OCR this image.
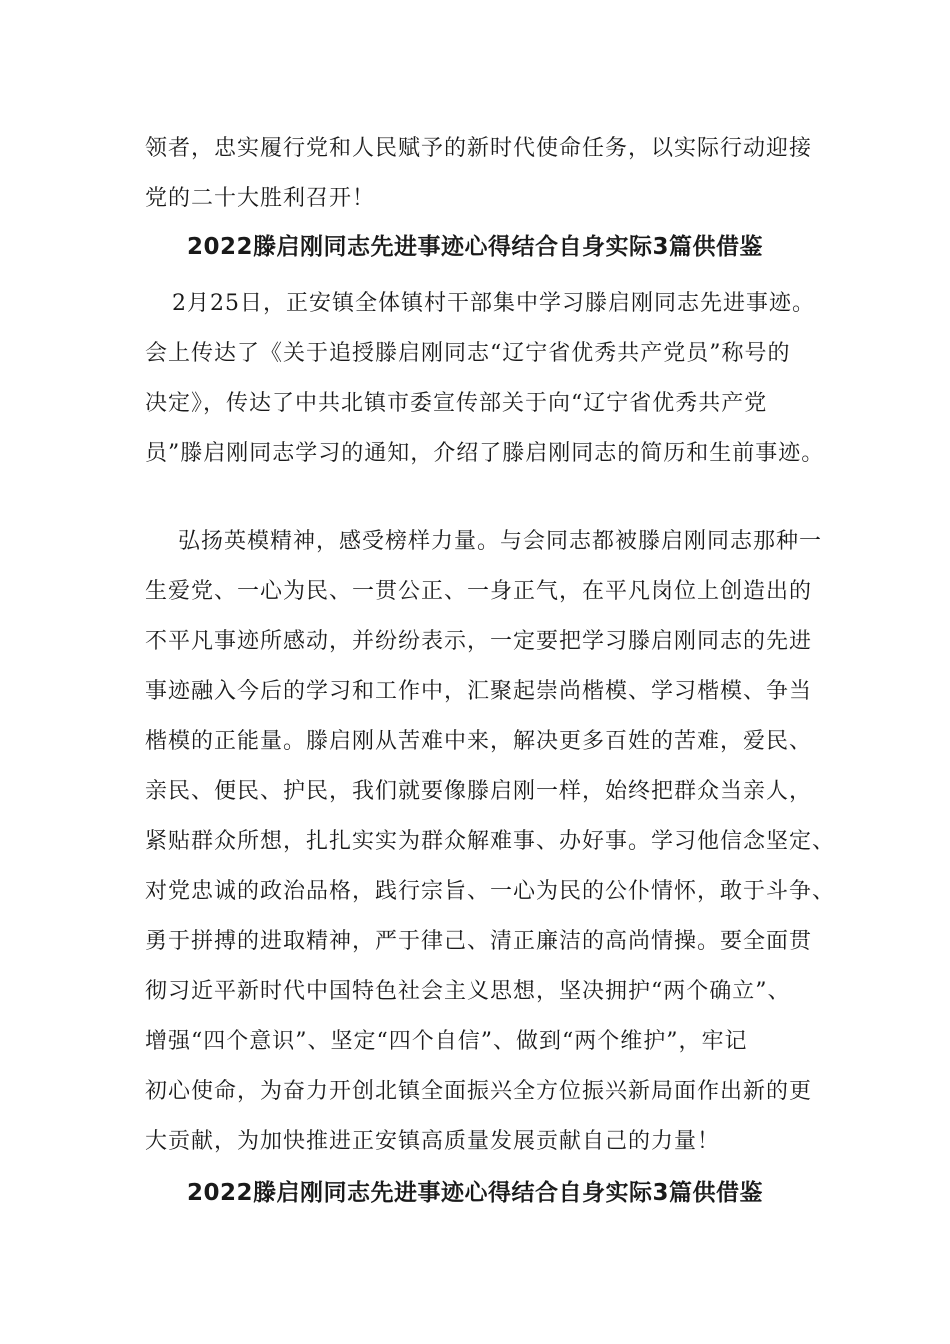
领者，忠实履行党和人民赋予的新时代使命任务，以实际行动迎接
党的二十大胜利召开！
2022滕启刚同志先进事迹心得结合自身实际3篇供借鉴
2月25日，正安镇全体镇村干部集中学习滕启刚同志先进事迹。
会上传达了《关于追授滕启刚同志“辽宁省优秀共产党员”称号的
决定》，传达了中共北镇市委宣传部关于向“辽宁省优秀共产党
员”滕启刚同志学习的通知，介绍了滕启刚同志的简历和生前事迹。
弘扬英模精神，感受榜样力量。与会同志都被滕启刚同志那种一
生爱党、一心为民、一贯公正、一身正气，在平凡岗位上创造出的
不平凡事迹所感动，并纷纷表示，一定要把学习滕启刚同志的先进
事迹融入今后的学习和工作中，汇聚起崇尚楷模、学习楷模、争当
楷模的正能量。滕启刚从苦难中来，解决更多百姓的苦难，爱民、
亲民、便民、护民，我们就要像滕启刚一样，始终把群众当亲人，
紧贴群众所想，扎扎实实为群众解难事、办好事。学习他信念坚定、
对党忠诚的政治品格，践行宗旨、一心为民的公仆情怀，敢于斗争、
勇于拼搏的进取精神，严于律己、清正廉洁的高尚情操。要全面贯
彻习近平新时代中国特色社会主义思想，坚决拥护“两个确立”、
增强“四个意识”、坚定“四个自信”、做到“两个维护”，牢记
初心使命，为奋力开创北镇全面振兴全方位振兴新局面作出新的更
大贡献，为加快推进正安镇高质量发展贡献自己的力量！
2022滕启刚同志先进事迹心得结合自身实际3篇供借鉴
